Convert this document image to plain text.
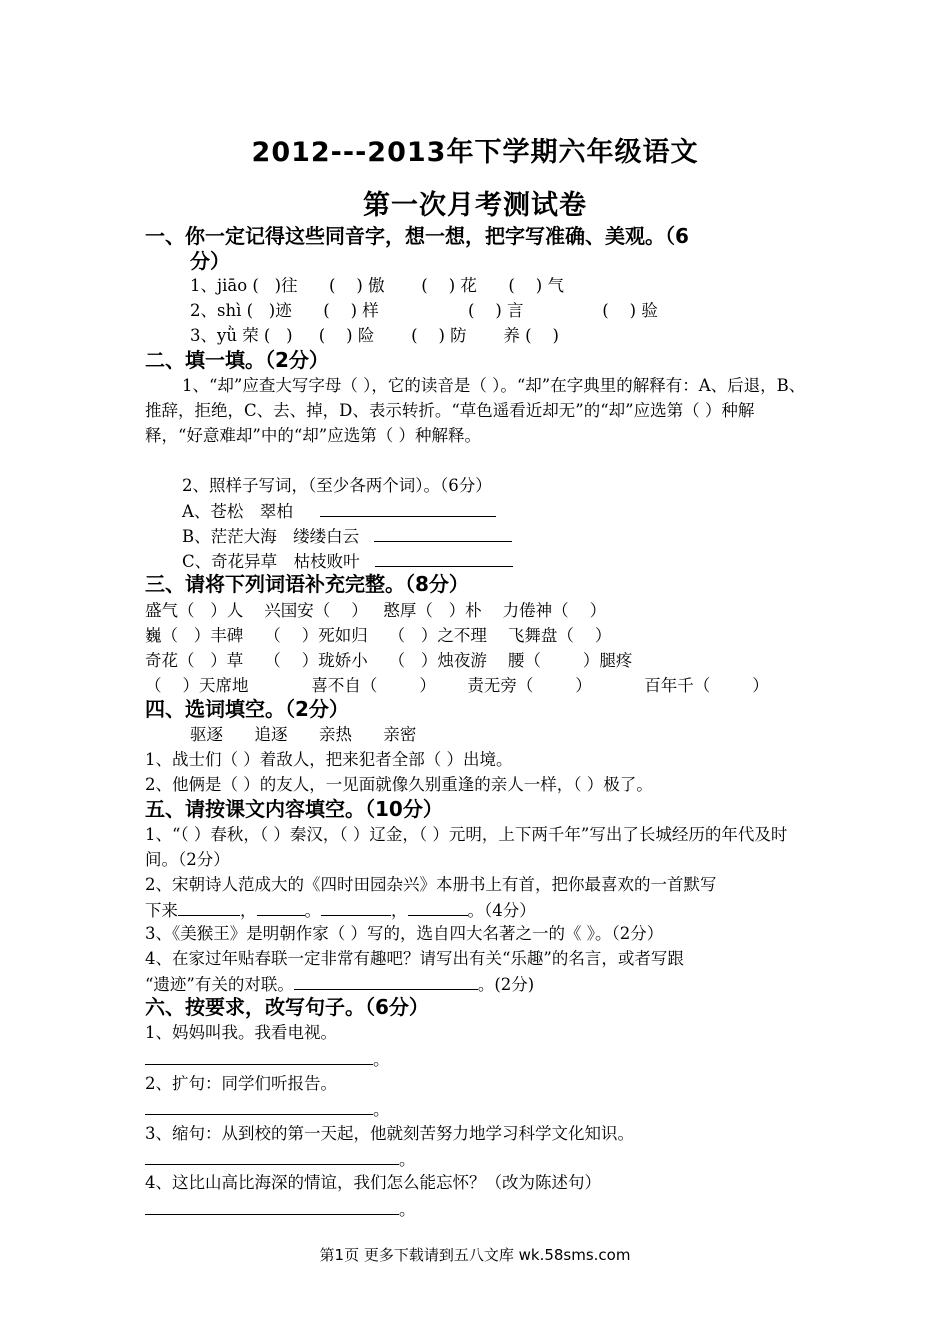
2012---2013年下学期六年级语文
第一次月考测试卷
一、你一定记得这些同音字，想一想，把字写准确、美观。（6
分）
1、jiāo (   )往      (    ) 傲       (    ) 花      (    ) 气
2、shì (   )迹      (    ) 样                 (    ) 言               (    ) 验
3、yǜ 荣 (   )     (    ) 险       (    ) 防       养 (    )
二、填一填。（2分）
1、“却”应查大写字母（ ），它的读音是（ ）。“却”在字典里的解释有：A、后退，B、推辞，拒绝，C、去、掉，D、表示转折。“草色遥看近却无”的“却”应选第（ ）种解释，“好意难却”中的“却”应选第（ ）种解释。
2、照样子写词，（至少各两个词）。（6分）
A、苍松　翠柏
B、茫茫大海　缕缕白云
C、奇花异草　枯枝败叶
三、请将下列词语补充完整。（8分）
盛气（   ）人    兴国安（    ）   憨厚（   ）朴    力倦神（    ）
巍（   ）丰碑    （    ）死如归    （   ）之不理    飞舞盘（    ）
奇花（   ）草    （    ）珑娇小    （   ）烛夜游    腰（        ）腿疼
（    ）天席地            喜不自（        ）      责无旁（        ）          百年千（        ）
四、选词填空。（2分）
驱逐      追逐      亲热      亲密
1、战士们（ ）着敌人，把来犯者全部（ ）出境。
2、他俩是（ ）的友人，一见面就像久别重逢的亲人一样，（ ）极了。
五、请按课文内容填空。（10分）
1、“（ ）春秋，（ ）秦汉，（ ）辽金，（ ）元明，上下两千年”写出了长城经历的年代及时间。（2分）
2、宋朝诗人范成大的《四时田园杂兴》本册书上有首，把你最喜欢的一首默写
下来	，	。	，	。（4分）
3、《美猴王》是明朝作家（ ）写的，选自四大名著之一的《 》。（2分）
4、在家过年贴春联一定非常有趣吧？请写出有关“乐趣”的名言，或者写跟
“遗迹”有关的对联。	。(2分)
六、按要求，改写句子。（6分）
1、妈妈叫我。我看电视。
。
2、扩句：同学们听报告。
。
3、缩句：从到校的第一天起，他就刻苦努力地学习科学文化知识。
。
4、这比山高比海深的情谊，我们怎么能忘怀？（改为陈述句）
。
第1页 更多下载请到五八文库 wk.58sms.com
